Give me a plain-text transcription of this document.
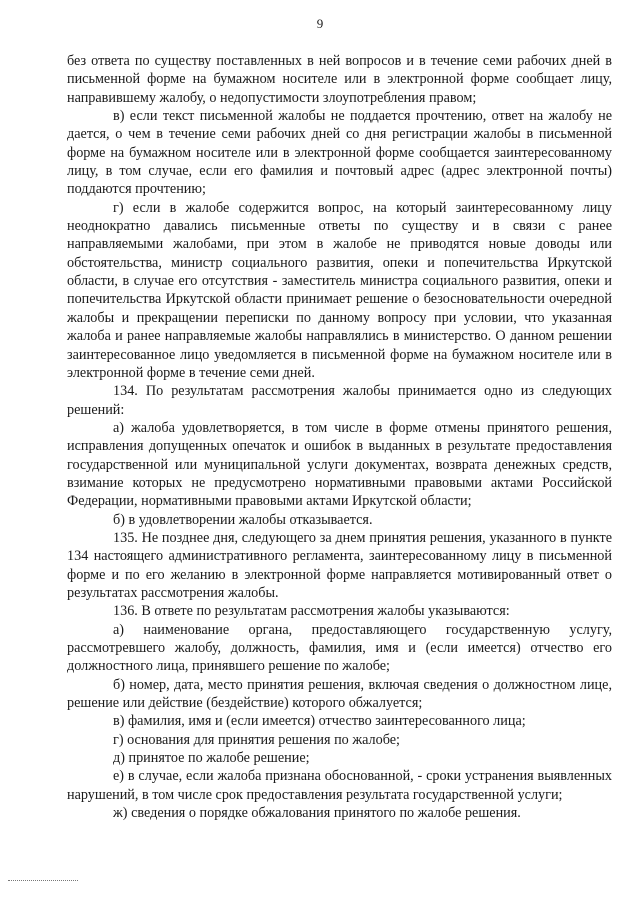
9

без ответа по существу поставленных в ней вопросов и в течение семи рабочих дней в письменной форме на бумажном носителе или в электронной форме сообщает лицу, направившему жалобу, о недопустимости злоупотребления правом;

в) если текст письменной жалобы не поддается прочтению, ответ на жалобу не дается, о чем в течение семи рабочих дней со дня регистрации жалобы в письменной форме на бумажном носителе или в электронной форме сообщается заинтересованному лицу, в том случае, если его фамилия и почтовый адрес (адрес электронной почты) поддаются прочтению;

г) если в жалобе содержится вопрос, на который заинтересованному лицу неоднократно давались письменные ответы по существу и в связи с ранее направляемыми жалобами, при этом в жалобе не приводятся новые доводы или обстоятельства, министр социального развития, опеки и попечительства Иркутской области, в случае его отсутствия - заместитель министра социального развития, опеки и попечительства Иркутской области принимает решение о безосновательности очередной жалобы и прекращении переписки по данному вопросу при условии, что указанная жалоба и ранее направляемые жалобы направлялись в министерство. О данном решении заинтересованное лицо уведомляется в письменной форме на бумажном носителе или в электронной форме в течение семи дней.

134. По результатам рассмотрения жалобы принимается одно из следующих решений:

а) жалоба удовлетворяется, в том числе в форме отмены принятого решения, исправления допущенных опечаток и ошибок в выданных в результате предоставления государственной или муниципальной услуги документах, возврата денежных средств, взимание которых не предусмотрено нормативными правовыми актами Российской Федерации, нормативными правовыми актами Иркутской области;

б) в удовлетворении жалобы отказывается.

135. Не позднее дня, следующего за днем принятия решения, указанного в пункте 134 настоящего административного регламента, заинтересованному лицу в письменной форме и по его желанию в электронной форме направляется мотивированный ответ о результатах рассмотрения жалобы.

136. В ответе по результатам рассмотрения жалобы указываются:

а) наименование органа, предоставляющего государственную услугу, рассмотревшего жалобу, должность, фамилия, имя и (если имеется) отчество его должностного лица, принявшего решение по жалобе;

б) номер, дата, место принятия решения, включая сведения о должностном лице, решение или действие (бездействие) которого обжалуется;

в) фамилия, имя и (если имеется) отчество заинтересованного лица;

г) основания для принятия решения по жалобе;

д) принятое по жалобе решение;

е) в случае, если жалоба признана обоснованной, - сроки устранения выявленных нарушений, в том числе срок предоставления результата государственной услуги;

ж) сведения о порядке обжалования принятого по жалобе решения.
